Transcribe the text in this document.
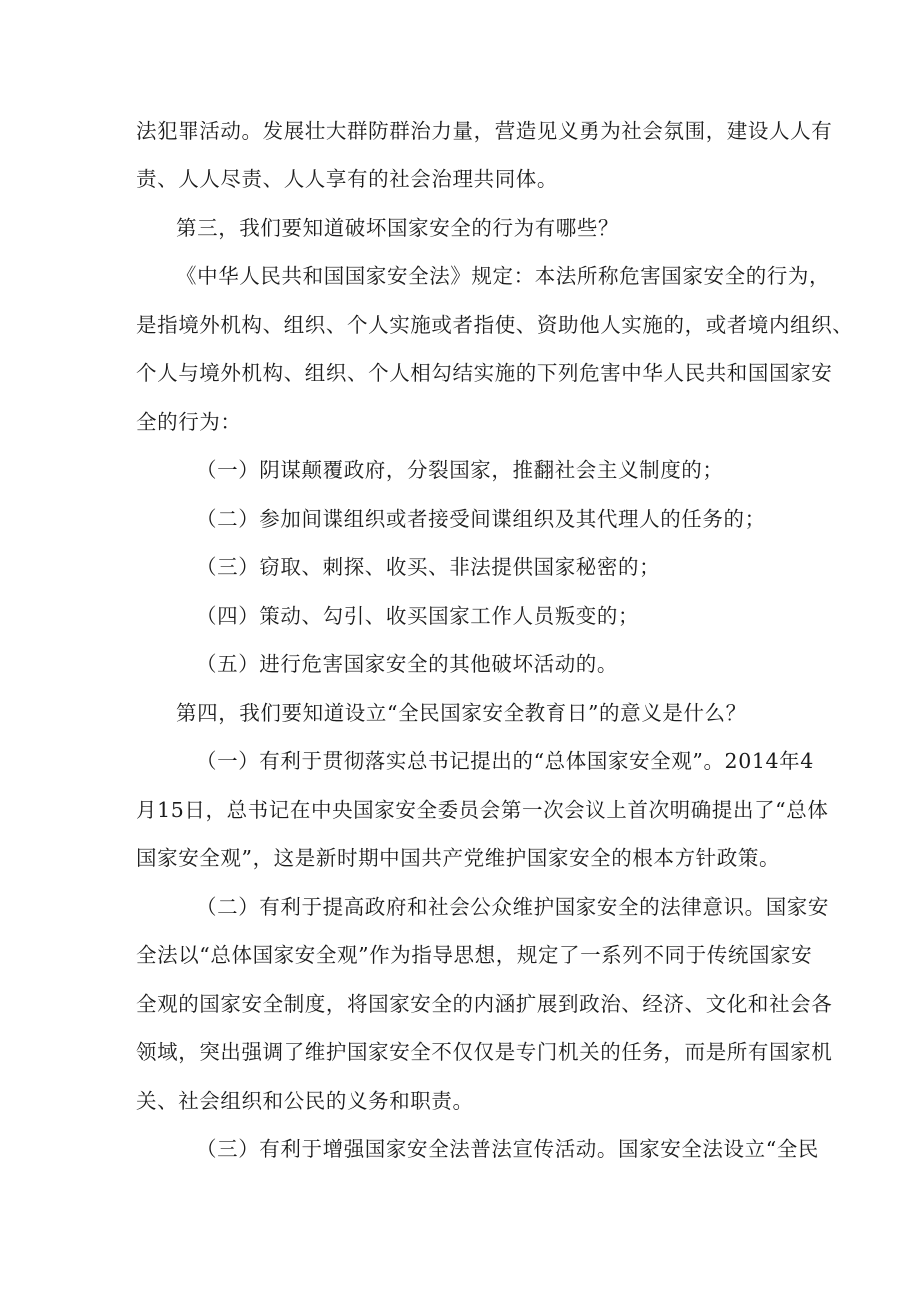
法犯罪活动。发展壮大群防群治力量，营造见义勇为社会氛围，建设人人有
责、人人尽责、人人享有的社会治理共同体。
第三，我们要知道破坏国家安全的行为有哪些？
《中华人民共和国国家安全法》规定：本法所称危害国家安全的行为，
是指境外机构、组织、个人实施或者指使、资助他人实施的，或者境内组织、
个人与境外机构、组织、个人相勾结实施的下列危害中华人民共和国国家安
全的行为：
（一）阴谋颠覆政府，分裂国家，推翻社会主义制度的；
（二）参加间谍组织或者接受间谍组织及其代理人的任务的；
（三）窃取、刺探、收买、非法提供国家秘密的；
（四）策动、勾引、收买国家工作人员叛变的；
（五）进行危害国家安全的其他破坏活动的。
第四，我们要知道设立“全民国家安全教育日”的意义是什么？
（一）有利于贯彻落实总书记提出的“总体国家安全观”。2014年4
月15日，总书记在中央国家安全委员会第一次会议上首次明确提出了“总体
国家安全观”，这是新时期中国共产党维护国家安全的根本方针政策。
（二）有利于提高政府和社会公众维护国家安全的法律意识。国家安
全法以“总体国家安全观”作为指导思想，规定了一系列不同于传统国家安
全观的国家安全制度，将国家安全的内涵扩展到政治、经济、文化和社会各
领域，突出强调了维护国家安全不仅仅是专门机关的任务，而是所有国家机
关、社会组织和公民的义务和职责。
（三）有利于增强国家安全法普法宣传活动。国家安全法设立“全民
